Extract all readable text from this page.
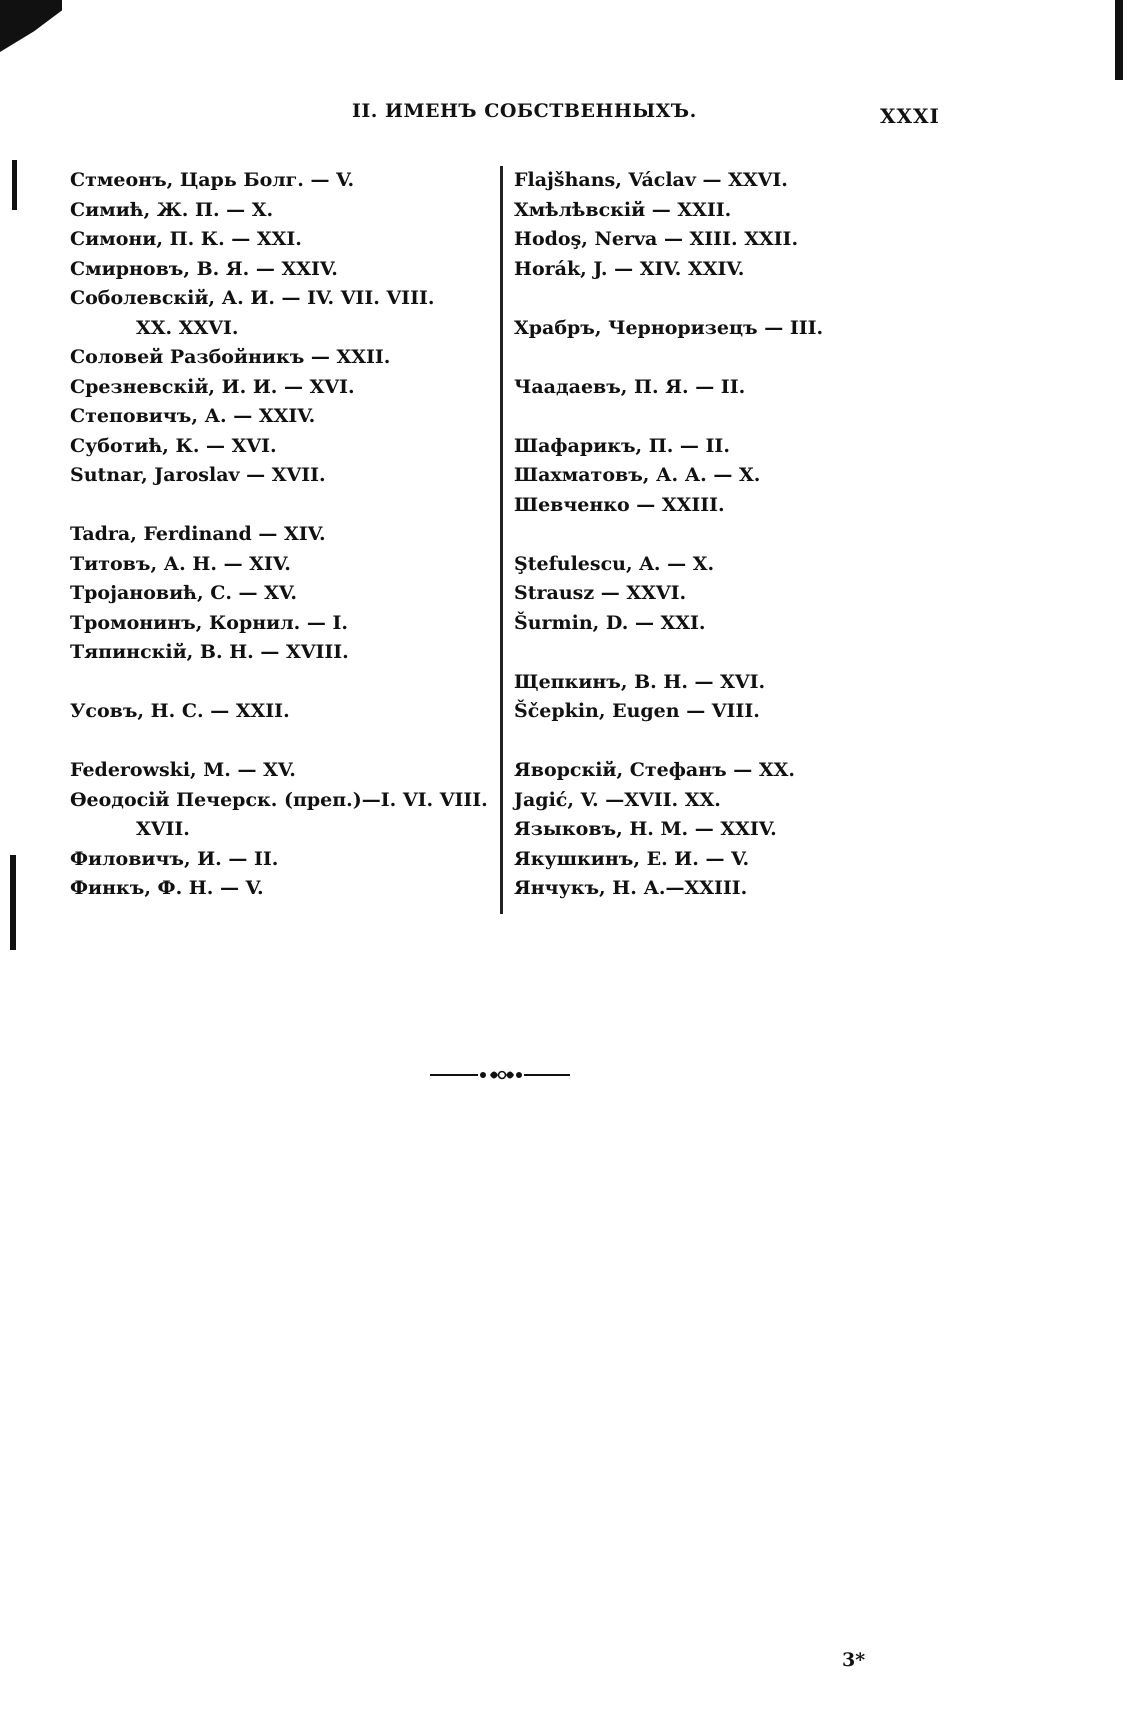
II. ИМЕНЪ СОБСТВЕННЫХЪ.	XXXI
Стмеонъ, Царь Болг. — V.
Симић, Ж. П. — X.
Симони, П. К. — XXI.
Смирновъ, В. Я. — XXIV.
Соболевскій, А. И. — IV. VII. VIII.
XX. XXVI.
Соловей Разбойникъ — XXII.
Срезневскій, И. И. — XVI.
Степовичъ, А. — XXIV.
Суботић, К. — XVI.
Sutnar, Jaroslav — XVII.
Tadra, Ferdinand — XIV.
Титовъ, А. Н. — XIV.
Тројановић, С. — XV.
Тромонинъ, Корнил. — I.
Тяпинскій, В. Н. — XVIII.
Усовъ, Н. С. — XXII.
Federowski, M. — XV.
Ѳеодосій Печерск. (преп.)—I. VI. VIII.
XVII.
Филовичъ, И. — II.
Финкъ, Ф. Н. — V.
Flajšhans, Václav — XXVI.
Хмѣлѣвскій — XXII.
Hodoş, Nerva — XIII. XXII.
Horák, J. — XIV. XXIV.
Храбръ, Черноризецъ — III.
Чаадаевъ, П. Я. — II.
Шафарикъ, П. — II.
Шахматовъ, А. А. — X.
Шевченко — XXIII.
Ştefulescu, A. — X.
Strausz — XXVI.
Šurmin, D. — XXI.
Щепкинъ, В. Н. — XVI.
Ščepkin, Eugen — VIII.
Яворскій, Стефанъ — XX.
Jagić, V. —XVII. XX.
Языковъ, Н. М. — XXIV.
Якушкинъ, Е. И. — V.
Янчукъ, Н. А.—XXIII.
3*
